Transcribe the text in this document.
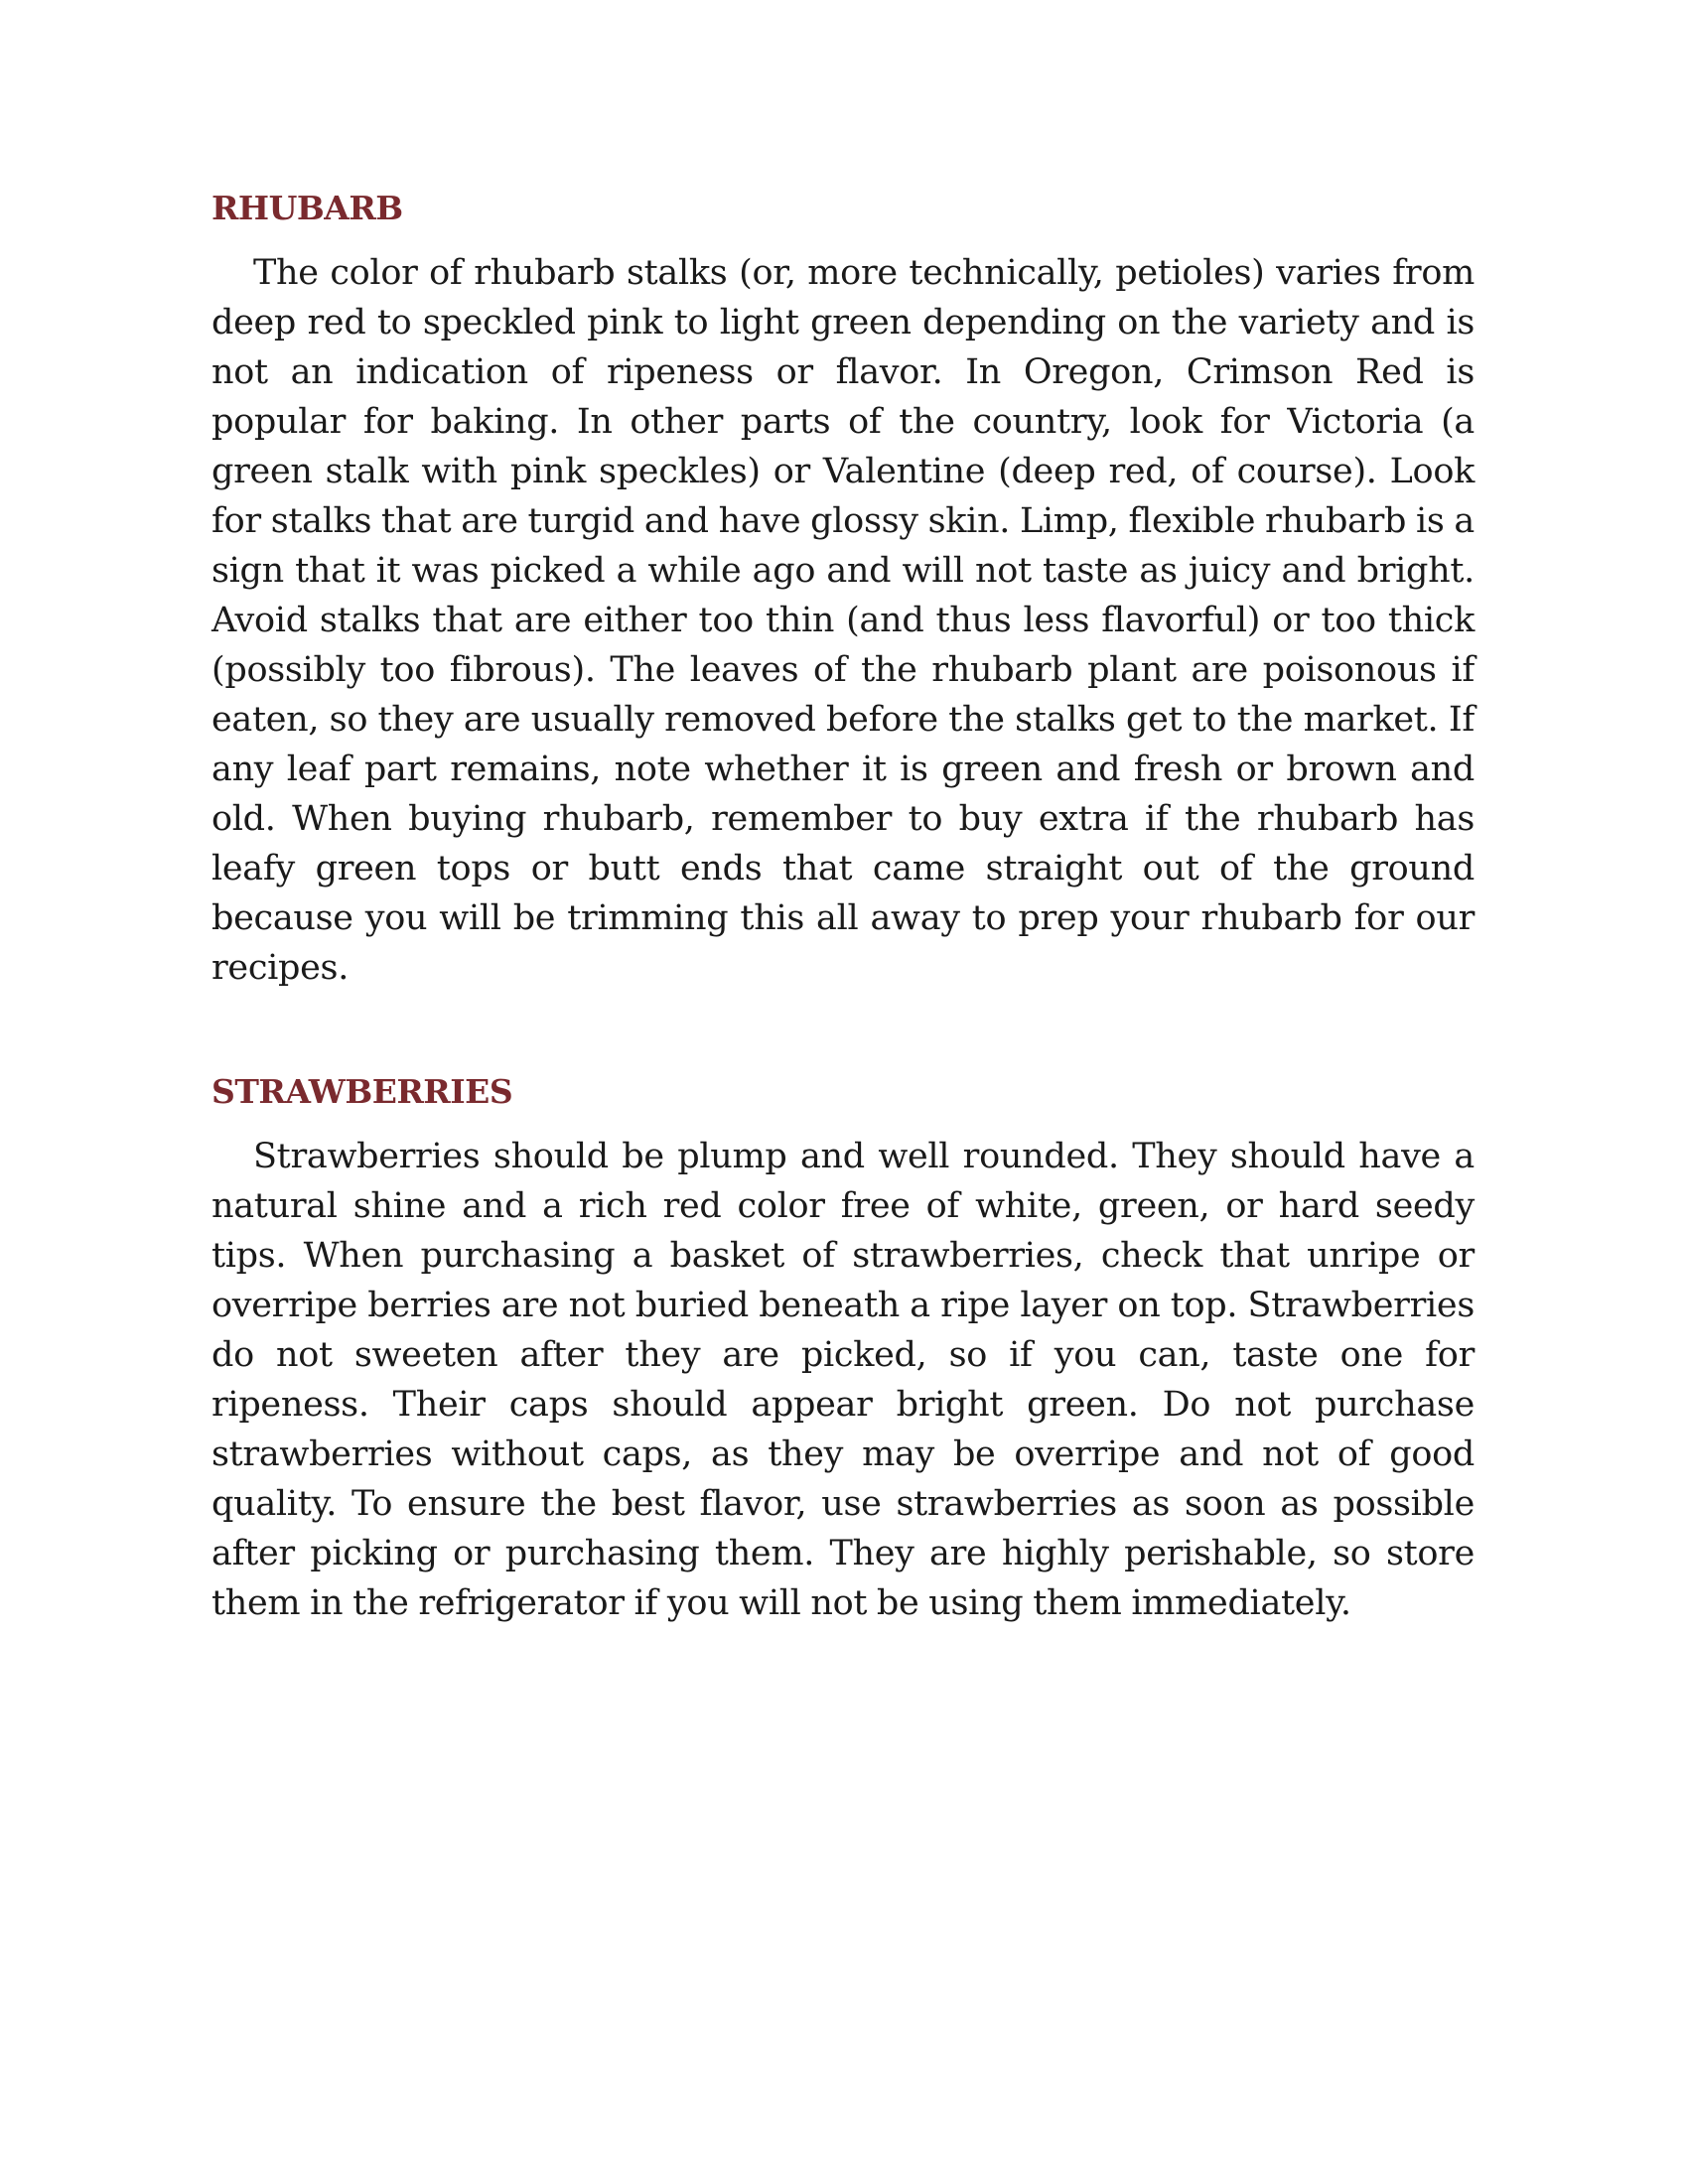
RHUBARB

The color of rhubarb stalks (or, more technically, petioles) varies from deep red to speckled pink to light green depending on the variety and is not an indication of ripeness or flavor. In Oregon, Crimson Red is popular for baking. In other parts of the country, look for Victoria (a green stalk with pink speckles) or Valentine (deep red, of course). Look for stalks that are turgid and have glossy skin. Limp, flexible rhubarb is a sign that it was picked a while ago and will not taste as juicy and bright. Avoid stalks that are either too thin (and thus less flavorful) or too thick (possibly too fibrous). The leaves of the rhubarb plant are poisonous if eaten, so they are usually removed before the stalks get to the market. If any leaf part remains, note whether it is green and fresh or brown and old. When buying rhubarb, remember to buy extra if the rhubarb has leafy green tops or butt ends that came straight out of the ground because you will be trimming this all away to prep your rhubarb for our recipes.

STRAWBERRIES

Strawberries should be plump and well rounded. They should have a natural shine and a rich red color free of white, green, or hard seedy tips. When purchasing a basket of strawberries, check that unripe or overripe berries are not buried beneath a ripe layer on top. Strawberries do not sweeten after they are picked, so if you can, taste one for ripeness. Their caps should appear bright green. Do not purchase strawberries without caps, as they may be overripe and not of good quality. To ensure the best flavor, use strawberries as soon as possible after picking or purchasing them. They are highly perishable, so store them in the refrigerator if you will not be using them immediately.
